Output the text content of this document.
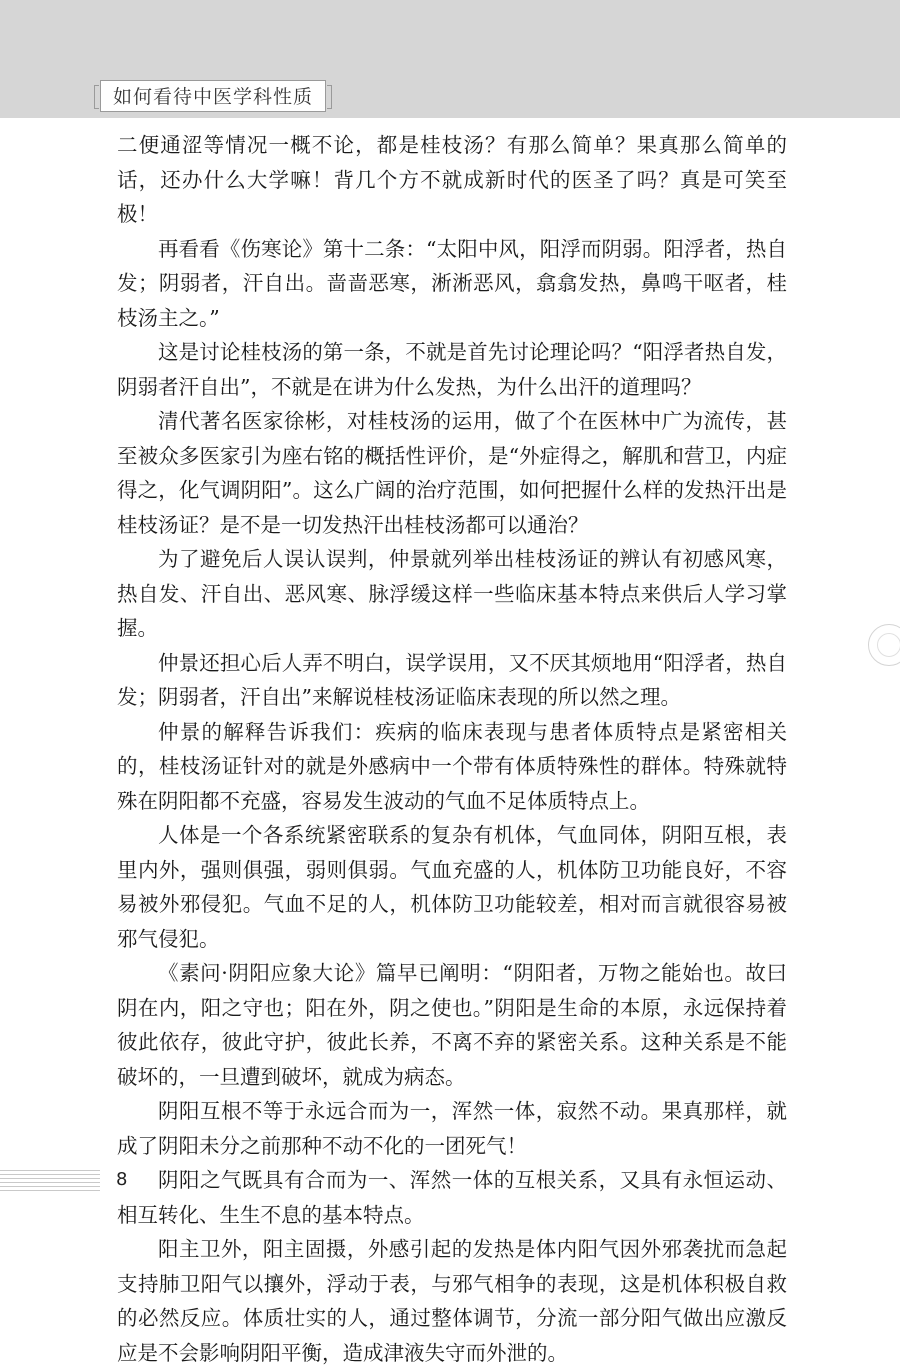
如何看待中医学科性质

二便通涩等情况一概不论，都是桂枝汤？有那么简单？果真那么简单的话，还办什么大学嘛！背几个方不就成新时代的医圣了吗？真是可笑至极！

再看看《伤寒论》第十二条：“太阳中风，阳浮而阴弱。阳浮者，热自发；阴弱者，汗自出。啬啬恶寒，淅淅恶风，翕翕发热，鼻鸣干呕者，桂枝汤主之。”

这是讨论桂枝汤的第一条，不就是首先讨论理论吗？“阳浮者热自发，阴弱者汗自出”，不就是在讲为什么发热，为什么出汗的道理吗？

清代著名医家徐彬，对桂枝汤的运用，做了个在医林中广为流传，甚至被众多医家引为座右铭的概括性评价，是“外症得之，解肌和营卫，内症得之，化气调阴阳”。这么广阔的治疗范围，如何把握什么样的发热汗出是桂枝汤证？是不是一切发热汗出桂枝汤都可以通治？

为了避免后人误认误判，仲景就列举出桂枝汤证的辨认有初感风寒，热自发、汗自出、恶风寒、脉浮缓这样一些临床基本特点来供后人学习掌握。

仲景还担心后人弄不明白，误学误用，又不厌其烦地用“阳浮者，热自发；阴弱者，汗自出”来解说桂枝汤证临床表现的所以然之理。

仲景的解释告诉我们：疾病的临床表现与患者体质特点是紧密相关的，桂枝汤证针对的就是外感病中一个带有体质特殊性的群体。特殊就特殊在阴阳都不充盛，容易发生波动的气血不足体质特点上。

人体是一个各系统紧密联系的复杂有机体，气血同体，阴阳互根，表里内外，强则俱强，弱则俱弱。气血充盛的人，机体防卫功能良好，不容易被外邪侵犯。气血不足的人，机体防卫功能较差，相对而言就很容易被邪气侵犯。

《素问·阴阳应象大论》篇早已阐明：“阴阳者，万物之能始也。故曰阴在内，阳之守也；阳在外，阴之使也。”阴阳是生命的本原，永远保持着彼此依存，彼此守护，彼此长养，不离不弃的紧密关系。这种关系是不能破坏的，一旦遭到破坏，就成为病态。

阴阳互根不等于永远合而为一，浑然一体，寂然不动。果真那样，就成了阴阳未分之前那种不动不化的一团死气！

阴阳之气既具有合而为一、浑然一体的互根关系，又具有永恒运动、相互转化、生生不息的基本特点。

阳主卫外，阳主固摄，外感引起的发热是体内阳气因外邪袭扰而急起支持肺卫阳气以攘外，浮动于表，与邪气相争的表现，这是机体积极自救的必然反应。体质壮实的人，通过整体调节，分流一部分阳气做出应激反应是不会影响阴阳平衡，造成津液失守而外泄的。

8
